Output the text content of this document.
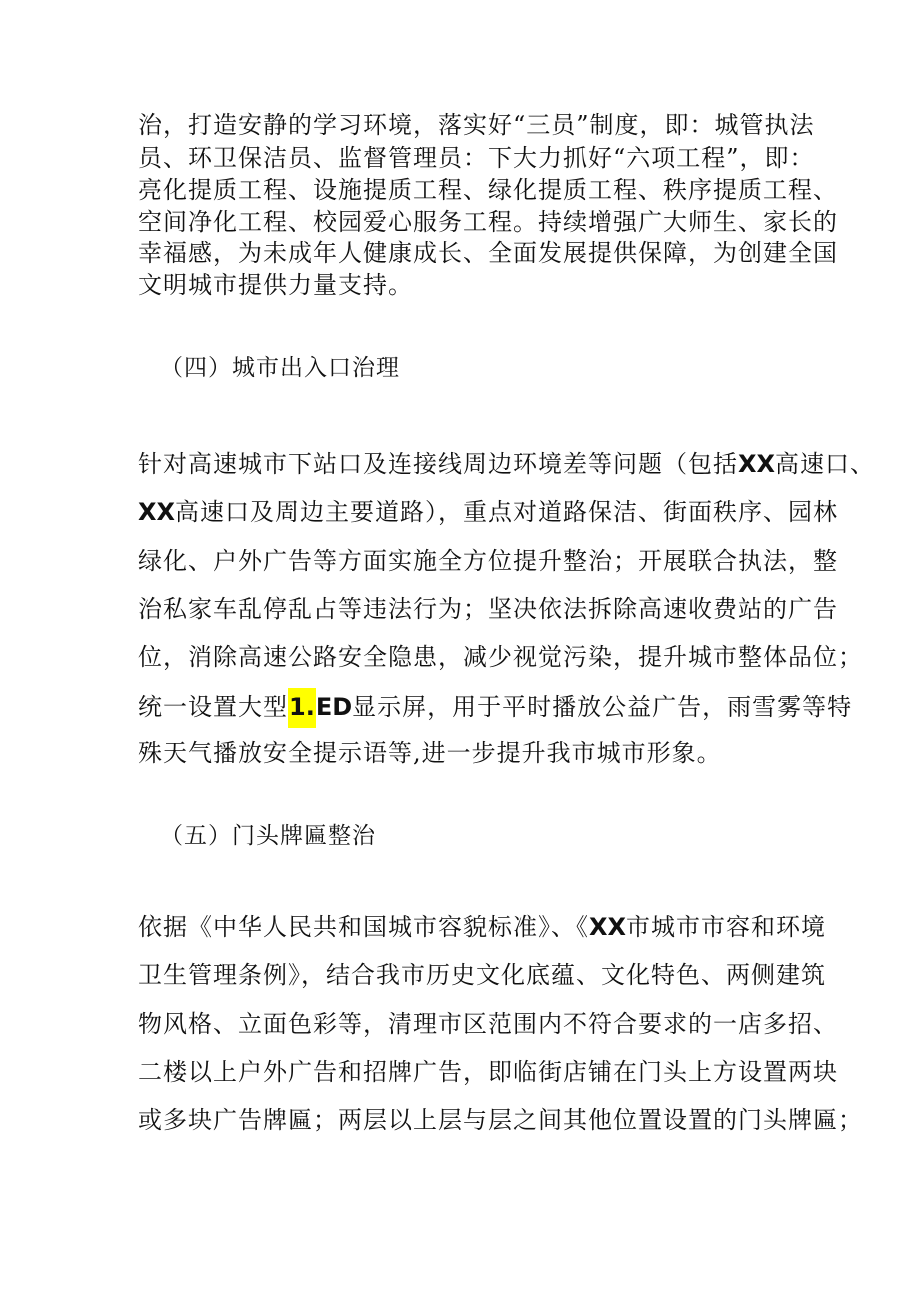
治，打造安静的学习环境，落实好“三员”制度，即：城管执法

员、环卫保洁员、监督管理员：下大力抓好“六项工程”，即：

亮化提质工程、设施提质工程、绿化提质工程、秩序提质工程、

空间净化工程、校园爱心服务工程。持续增强广大师生、家长的

幸福感，为未成年人健康成长、全面发展提供保障，为创建全国

文明城市提供力量支持。

（四）城市出入口治理

针对高速城市下站口及连接线周边环境差等问题（包括XX高速口、

XX高速口及周边主要道路），重点对道路保洁、街面秩序、园林

绿化、户外广告等方面实施全方位提升整治；开展联合执法，整

治私家车乱停乱占等违法行为；坚决依法拆除高速收费站的广告

位，消除高速公路安全隐患，减少视觉污染，提升城市整体品位；

统一设置大型1.ED显示屏，用于平时播放公益广告，雨雪雾等特

殊天气播放安全提示语等,进一步提升我市城市形象。

（五）门头牌匾整治

依据《中华人民共和国城市容貌标准》、《XX市城市市容和环境

卫生管理条例》，结合我市历史文化底蕴、文化特色、两侧建筑

物风格、立面色彩等，清理市区范围内不符合要求的一店多招、

二楼以上户外广告和招牌广告，即临街店铺在门头上方设置两块

或多块广告牌匾；两层以上层与层之间其他位置设置的门头牌匾；
